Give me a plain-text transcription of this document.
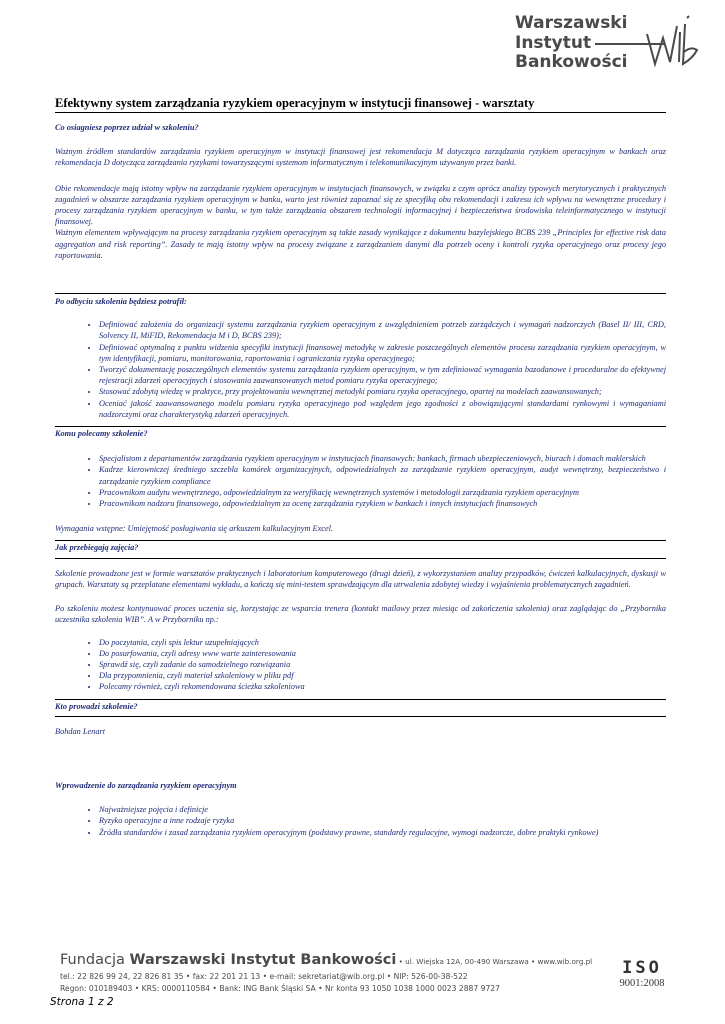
Warszawski
Instytut
Bankowości
Efektywny system zarządzania ryzykiem operacyjnym w instytucji finansowej - warsztaty

Co osiagniesz poprzez udział w szkoleniu?

Ważnym źródłem standardów zarządzania ryzykiem operacyjnym w instytucji finansowej jest rekomendacja M dotycząca zarządzania ryzykiem operacyjnym w bankach oraz rekomendacja D dotycząca zarządzania ryzykami towarzyszącymi systemom informatycznym i telekomunikacyjnym używanym przez banki.

Obie rekomendacje mają istotny wpływ na zarządzanie ryzykiem operacyjnym w instytucjach finansowych, w związku z czym oprócz analizy typowych merytorycznych i praktycznych zagadnień w obszarze zarządzania ryzykiem operacyjnym w banku, warto jest również zapoznać się ze specyfiką obu rekomendacji i zakresu ich wpływu na wewnętrzne procedury i procesy zarządzania ryzykiem operacyjnym w banku, w tym także zarządzania obszarem technologii informacyjnej i bezpieczeństwa środowiska teleinformatycznego w instytucji finansowej.

Ważnym elementem wpływającym na procesy zarządzania ryzykiem operacyjnym są także zasady wynikające z dokumentu bazylejskiego BCBS 239 „Principles for effective risk data aggregation and risk reporting”. Zasady te mają istotny wpływ na procesy związane z zarządzaniem danymi dla potrzeb oceny i kontroli ryzyka operacyjnego oraz procesy jego raportowania.

Po odbyciu szkolenia będziesz potrafił:

• Definiować założenia do organizacji systemu zarządzania ryzykiem operacyjnym z uwzględnieniem potrzeb zarządczych i wymagań nadzorczych (Basel II/ III, CRD, Solvency II, MiFID, Rekomendacja M i D, BCBS 239);
• Definiować optymalną z punktu widzenia specyfiki instytucji finansowej metodykę w zakresie poszczególnych elementów procesu zarządzania ryzykiem operacyjnym, w tym identyfikacji, pomiaru, monitorowania, raportowania i ograniczania ryzyka operacyjnego;
• Tworzyć dokumentację poszczególnych elementów systemu zarządzania ryzykiem operacyjnym, w tym zdefiniować wymagania bazodanowe i proceduralne do efektywnej rejestracji zdarzeń operacyjnych i stosowania zaawansowanych metod pomiaru ryzyka operacyjnego;
• Stosować zdobytą wiedzę w praktyce, przy projektowaniu wewnętrznej metodyki pomiaru ryzyka operacyjnego, opartej na modelach zaawansowanych;
• Oceniać jakość zaawansowanego modelu pomiaru ryzyka operacyjnego pod względem jego zgodności z obowiązującymi standardami rynkowymi i wymaganiami nadzorczymi oraz charakterystyką zdarzeń operacyjnych.

Komu polecamy szkolenie?

• Specjalistom z departamentów zarządzania ryzykiem operacyjnym w instytucjach finansowych: bankach, firmach ubezpieczeniowych, biurach i domach maklerskich
• Kadrze kierowniczej średniego szczebla komórek organizacyjnych, odpowiedzialnych za zarządzanie ryzykiem operacyjnym, audyt wewnętrzny, bezpieczeństwo i zarządzanie ryzykiem compliance
• Pracownikom audytu wewnętrznego, odpowiedzialnym za weryfikację wewnętrznych systemów i metodologii zarządzania ryzykiem operacyjnym
• Pracownikom nadzoru finansowego, odpowiedzialnym za ocenę zarządzania ryzykiem w bankach i innych instytucjach finansowych

Wymagania wstępne: Umiejętność posługiwania się arkuszem kalkulacyjnym Excel.

Jak przebiegają zajęcia?

Szkolenie prowadzone jest w formie warsztatów praktycznych i laboratorium komputerowego (drugi dzień), z wykorzystaniem analizy przypadków, ćwiczeń kalkulacyjnych, dyskusji w grupach. Warsztaty są przeplatane elementami wykładu, a kończą się mini-testem sprawdzającym dla utrwalenia zdobytej wiedzy i wyjaśnienia problematycznych zagadnień.

Po szkoleniu możesz kontynuować proces uczenia się, korzystając ze wsparcia trenera (kontakt mailowy przez miesiąc od zakończenia szkolenia) oraz zaglądając do „Przybornika uczestnika szkolenia WIB”. A w Przyborniku np.:

• Do poczytania, czyli spis lektur uzupełniających
• Do posurfowania, czyli adresy www warte zainteresowania
• Sprawdź się, czyli zadanie do samodzielnego rozwiązania
• Dla przypomnienia, czyli materiał szkoleniowy w pliku pdf
• Polecamy również, czyli rekomendowana ścieżka szkoleniowa

Kto prowadzi szkolenie?

Bohdan Lenart

Wprowadzenie do zarządzania ryzykiem operacyjnym

• Najważniejsze pojęcia i definicje
• Ryzyko operacyjne a inne rodzaje ryzyka
• Źródła standardów i zasad zarządzania ryzykiem operacyjnym (podstawy prawne, standardy regulacyjne, wymogi nadzorcze, dobre praktyki rynkowe)
Fundacja Warszawski Instytut Bankowości • ul. Wiejska 12A, 00-490 Warszawa • www.wib.org.pl
tel.: 22 826 99 24, 22 826 81 35 • fax: 22 201 21 13 • e-mail: sekretariat@wib.org.pl • NIP: 526-00-38-522
Regon: 010189403 • KRS: 0000110584 • Bank: ING Bank Śląski SA • Nr konta 93 1050 1038 1000 0023 2887 9727
ISO
9001:2008
Strona 1 z 2
